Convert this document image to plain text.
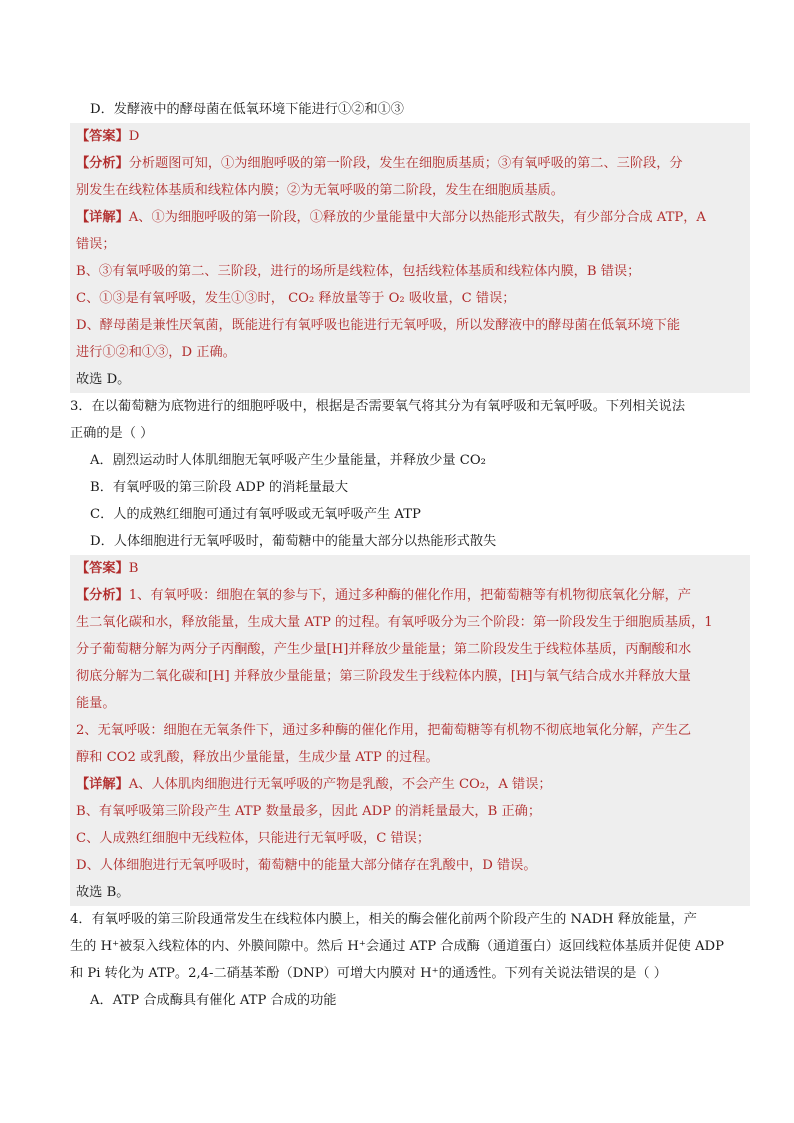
D．发酵液中的酵母菌在低氧环境下能进行①②和①③
【答案】D
【分析】分析题图可知，①为细胞呼吸的第一阶段，发生在细胞质基质；③有氧呼吸的第二、三阶段，分
别发生在线粒体基质和线粒体内膜；②为无氧呼吸的第二阶段，发生在细胞质基质。
【详解】A、①为细胞呼吸的第一阶段，①释放的少量能量中大部分以热能形式散失，有少部分合成 ATP，A
错误；
B、③有氧呼吸的第二、三阶段，进行的场所是线粒体，包括线粒体基质和线粒体内膜，B 错误；
C、①③是有氧呼吸，发生①③时， CO₂ 释放量等于 O₂ 吸收量，C 错误；
D、酵母菌是兼性厌氧菌，既能进行有氧呼吸也能进行无氧呼吸，所以发酵液中的酵母菌在低氧环境下能
进行①②和①③，D 正确。
故选 D。
3．在以葡萄糖为底物进行的细胞呼吸中，根据是否需要氧气将其分为有氧呼吸和无氧呼吸。下列相关说法
正确的是（ ）
A．剧烈运动时人体肌细胞无氧呼吸产生少量能量，并释放少量 CO₂
B．有氧呼吸的第三阶段 ADP 的消耗量最大
C．人的成熟红细胞可通过有氧呼吸或无氧呼吸产生 ATP
D．人体细胞进行无氧呼吸时，葡萄糖中的能量大部分以热能形式散失
【答案】B
【分析】1、有氧呼吸：细胞在氧的参与下，通过多种酶的催化作用，把葡萄糖等有机物彻底氧化分解，产
生二氧化碳和水，释放能量，生成大量 ATP 的过程。有氧呼吸分为三个阶段：第一阶段发生于细胞质基质，1
分子葡萄糖分解为两分子丙酮酸，产生少量[H]并释放少量能量；第二阶段发生于线粒体基质，丙酮酸和水
彻底分解为二氧化碳和[H] 并释放少量能量；第三阶段发生于线粒体内膜，[H]与氧气结合成水并释放大量
能量。
2、无氧呼吸：细胞在无氧条件下，通过多种酶的催化作用，把葡萄糖等有机物不彻底地氧化分解，产生乙
醇和 CO2 或乳酸，释放出少量能量，生成少量 ATP 的过程。
【详解】A、人体肌肉细胞进行无氧呼吸的产物是乳酸，不会产生 CO₂，A 错误；
B、有氧呼吸第三阶段产生 ATP 数量最多，因此 ADP 的消耗量最大，B 正确；
C、人成熟红细胞中无线粒体，只能进行无氧呼吸，C 错误；
D、人体细胞进行无氧呼吸时，葡萄糖中的能量大部分储存在乳酸中，D 错误。
故选 B。
4．有氧呼吸的第三阶段通常发生在线粒体内膜上，相关的酶会催化前两个阶段产生的 NADH 释放能量，产
生的 H⁺被泵入线粒体的内、外膜间隙中。然后 H⁺会通过 ATP 合成酶（通道蛋白）返回线粒体基质并促使 ADP
和 Pi 转化为 ATP。2,4-二硝基苯酚（DNP）可增大内膜对 H⁺的通透性。下列有关说法错误的是（ ）
A．ATP 合成酶具有催化 ATP 合成的功能
